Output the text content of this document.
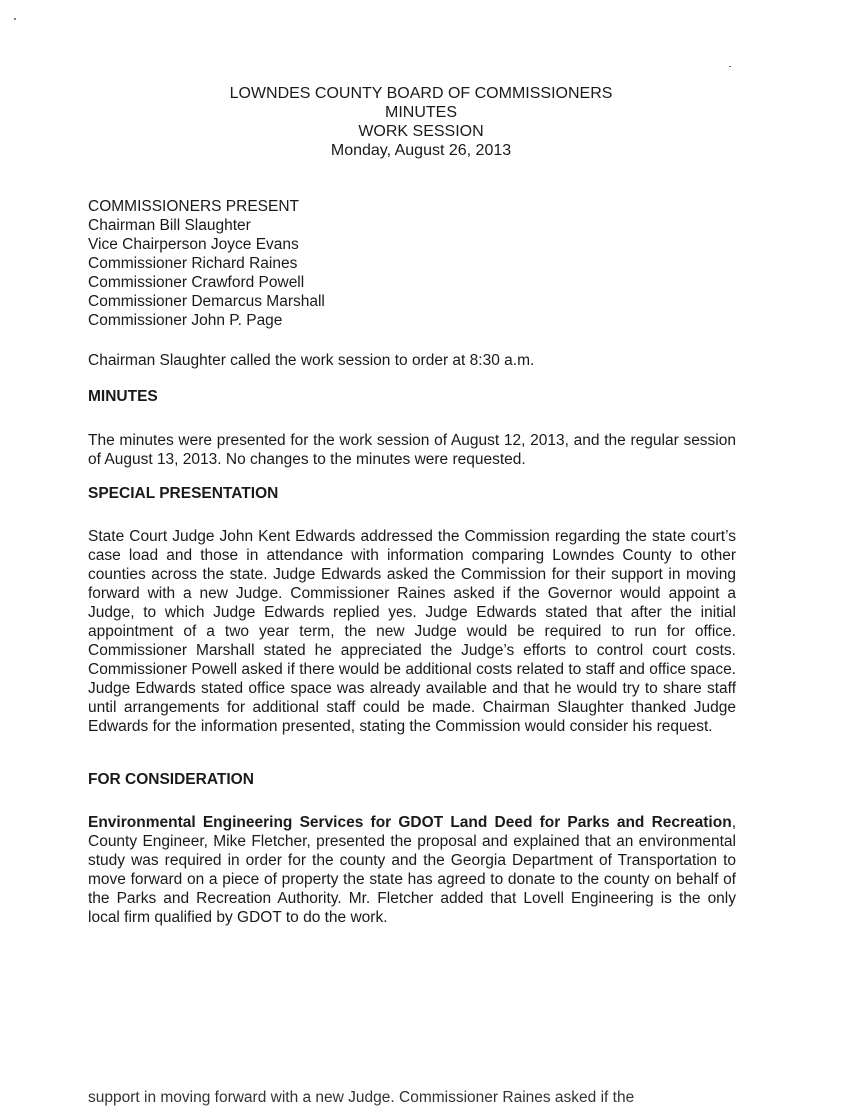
LOWNDES COUNTY BOARD OF COMMISSIONERS
MINUTES
WORK SESSION
Monday, August 26, 2013
COMMISSIONERS PRESENT
Chairman Bill Slaughter
Vice Chairperson Joyce Evans
Commissioner Richard Raines
Commissioner Crawford Powell
Commissioner Demarcus Marshall
Commissioner John P. Page
Chairman Slaughter called the work session to order at 8:30 a.m.
MINUTES
The minutes were presented for the work session of August 12, 2013, and the regular session of August 13, 2013. No changes to the minutes were requested.
SPECIAL PRESENTATION
State Court Judge John Kent Edwards addressed the Commission regarding the state court’s case load and those in attendance with information comparing Lowndes County to other counties across the state. Judge Edwards asked the Commission for their support in moving forward with a new Judge. Commissioner Raines asked if the Governor would appoint a Judge, to which Judge Edwards replied yes. Judge Edwards stated that after the initial appointment of a two year term, the new Judge would be required to run for office. Commissioner Marshall stated he appreciated the Judge’s efforts to control court costs. Commissioner Powell asked if there would be additional costs related to staff and office space. Judge Edwards stated office space was already available and that he would try to share staff until arrangements for additional staff could be made. Chairman Slaughter thanked Judge Edwards for the information presented, stating the Commission would consider his request.
FOR CONSIDERATION
Environmental Engineering Services for GDOT Land Deed for Parks and Recreation, County Engineer, Mike Fletcher, presented the proposal and explained that an environmental study was required in order for the county and the Georgia Department of Transportation to move forward on a piece of property the state has agreed to donate to the county on behalf of the Parks and Recreation Authority. Mr. Fletcher added that Lovell Engineering is the only local firm qualified by GDOT to do the work.
support in moving forward with a new Judge. Commissioner Raines asked if the
